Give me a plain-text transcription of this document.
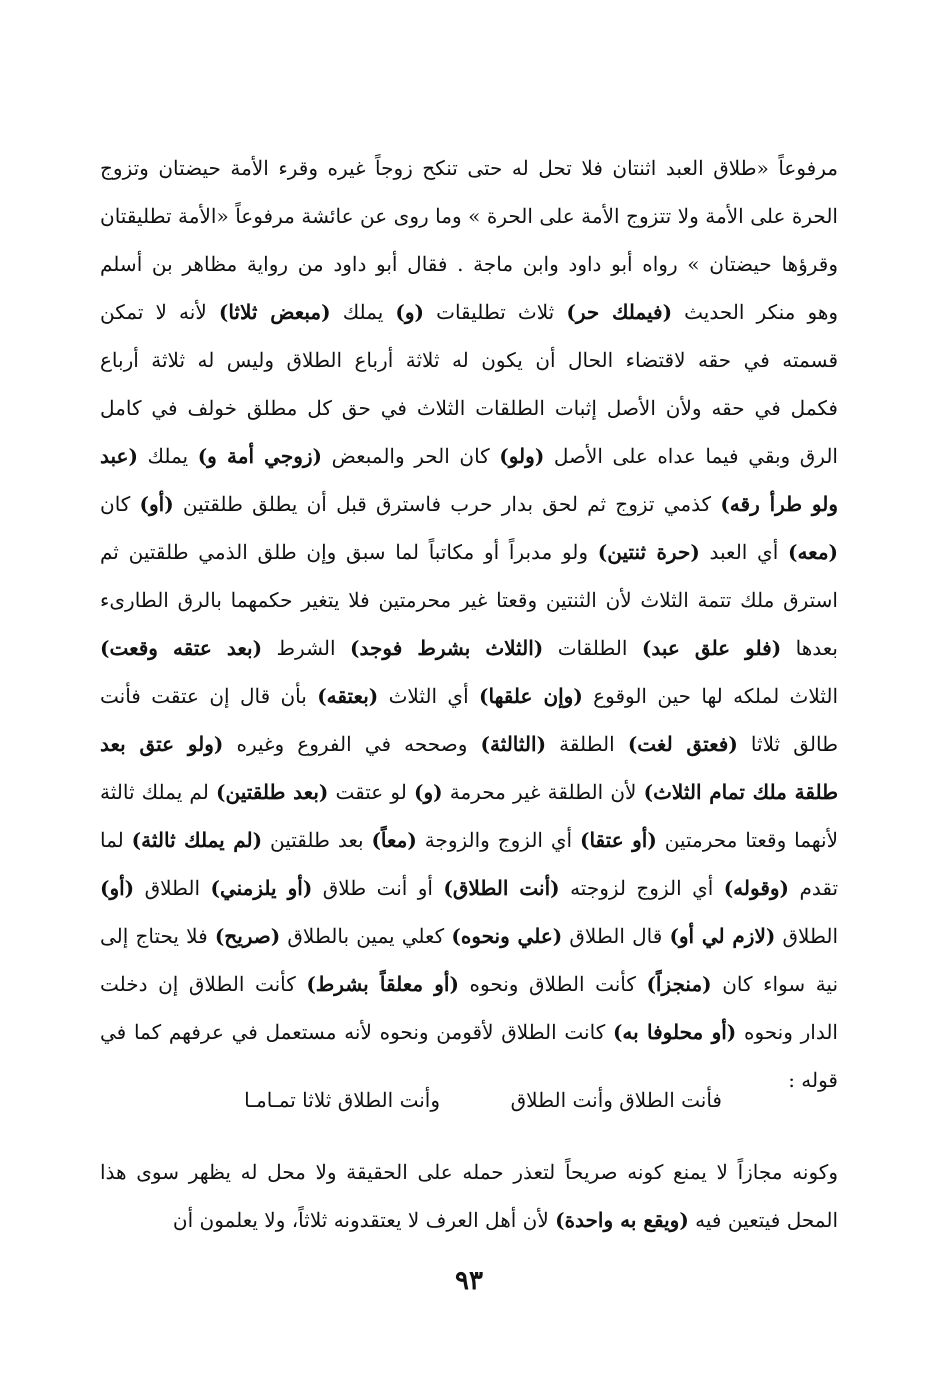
مرفوعاً «طلاق العبد اثنتان فلا تحل له حتى تنكح زوجاً غيره وقرء الأمة حيضتان وتزوج
الحرة على الأمة ولا تتزوج الأمة على الحرة » وما روى عن عائشة مرفوعاً «الأمة تطليقتان
وقرؤها حيضتان » رواه أبو داود وابن ماجة . فقال أبو داود من رواية مظاهر بن أسلم
وهو منكر الحديث (فيملك حر) ثلاث تطليقات (و) يملك (مبعض ثلاثا) لأنه لا تمكن
قسمته في حقه لاقتضاء الحال أن يكون له ثلاثة أرباع الطلاق وليس له ثلاثة أرباع
فكمل في حقه ولأن الأصل إثبات الطلقات الثلاث في حق كل مطلق خولف في كامل
الرق وبقي فيما عداه على الأصل (ولو) كان الحر والمبعض (زوجي أمة و) يملك (عبد
ولو طرأ رقه) كذمي تزوج ثم لحق بدار حرب فاسترق قبل أن يطلق طلقتين (أو) كان
(معه) أي العبد (حرة ثنتين) ولو مدبراً أو مكاتباً لما سبق وإن طلق الذمي طلقتين ثم
استرق ملك تتمة الثلاث لأن الثنتين وقعتا غير محرمتين فلا يتغير حكمهما بالرق الطارىء
بعدها (فلو علق عبد) الطلقات (الثلاث بشرط فوجد) الشرط (بعد عتقه وقعت)
الثلاث لملكه لها حين الوقوع (وإن علقها) أي الثلاث (بعتقه) بأن قال إن عتقت فأنت
طالق ثلاثا (فعتق لغت) الطلقة (الثالثة) وصححه في الفروع وغيره (ولو عتق بعد
طلقة ملك تمام الثلاث) لأن الطلقة غير محرمة (و) لو عتقت (بعد طلقتين) لم يملك ثالثة
لأنهما وقعتا محرمتين (أو عتقا) أي الزوج والزوجة (معاً) بعد طلقتين (لم يملك ثالثة) لما
تقدم (وقوله) أي الزوج لزوجته (أنت الطلاق) أو أنت طلاق (أو يلزمني) الطلاق (أو)
الطلاق (لازم لي أو) قال الطلاق (علي ونحوه) كعلي يمين بالطلاق (صريح) فلا يحتاج إلى
نية سواء كان (منجزاً) كأنت الطلاق ونحوه (أو معلقاً بشرط) كأنت الطلاق إن دخلت
الدار ونحوه (أو محلوفا به) كانت الطلاق لأقومن ونحوه لأنه مستعمل في عرفهم كما في
قوله :
فأنت الطلاق وأنت الطلاق
وأنت الطلاق ثلاثا تمـامـا
وكونه مجازاً لا يمنع كونه صريحاً لتعذر حمله على الحقيقة ولا محل له يظهر سوى هذا
المحل فيتعين فيه (ويقع به واحدة) لأن أهل العرف لا يعتقدونه ثلاثاً، ولا يعلمون أن
٩٣
